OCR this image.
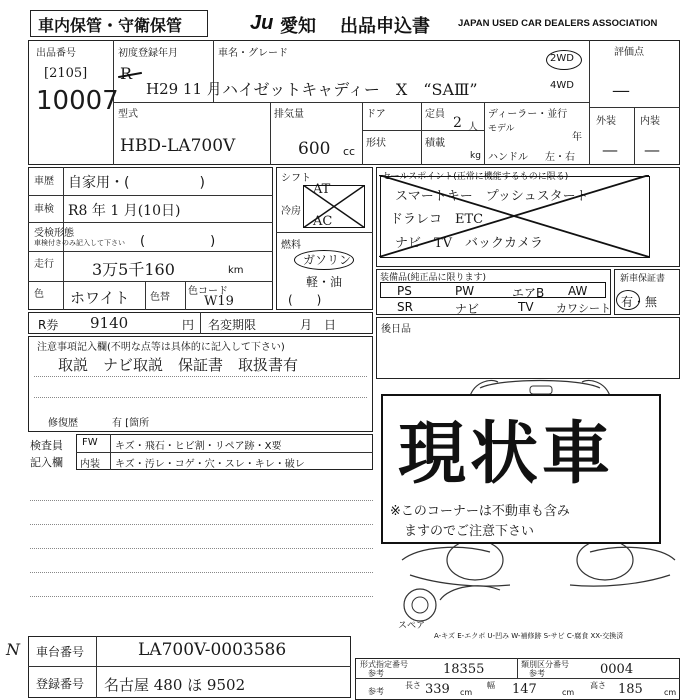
車内保管・守衛保管	Ju 愛知 出品申込書	JAPAN USED CAR DEALERS ASSOCIATION
出品番号
[2105]
10007
初度登録年月
R
H29 11 月
車名・グレード
ハイゼットキャディー　X　“SAⅢ”
2WD
4WD
評価点
—
外装 内装
— —
型式
HBD-LA700V
排気量
600 cc
ドア
形状
定員
2 人
積載
kg
ディーラー・並行
モデル
年
ハンドル 左・右
車歴 自家用・(　　　　　)
車検 R8 年 1 月(10日)
受検形態
車検付きのみ記入して下さい (　　　　　)
走行 3万5千160	km
色 ホワイト 色替
色コード
W19
シフト
冷房
AT
AC
燃料
ガソリン
軽・油
(　　)
セールスポイント(正常に機能するものに限る)
スマートキー　プッシュスタート
ドラレコ　ETC
ナビ　TV　バックカメラ
装備品(純正品に限ります)
PS	PW	エアB AW
SR	ナビ	TV カワシート
新車保証書
有・無
R券 9140	円 名変期限	月　日	後日品
注意事項記入欄(不明な点等は具体的に記入して下さい)
取説　ナビ取説　保証書　取扱書有
修復歴	有 [箇所
検査員
記入欄
FW キズ・飛石・ヒビ割・リペア跡・X要
内装 キズ・汚レ・コゲ・穴・スレ・キレ・破レ
スペア
現状車
※このコーナーは不動車も含み
ますのでご注意下さい
A-キズ E-エクボ U-凹み W-補修跡 S-サビ C-腐食 XX-交換済
N 車台番号	LA700V-0003586
登録番号 名古屋 480 ほ 9502
形式指定番号
参考	18355	類別区分番号
参考	0004
参考
長さ 339 cm
幅 147	cm
高さ 185	cm
